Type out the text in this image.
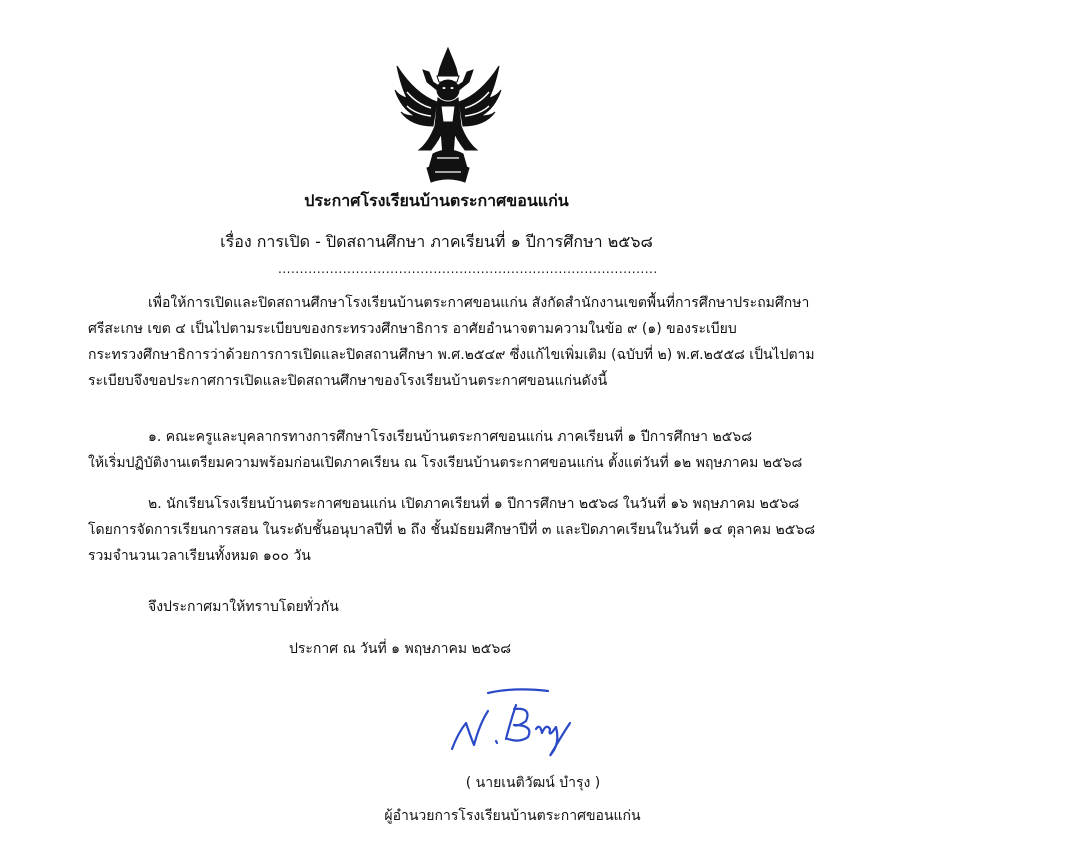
ประกาศโรงเรียนบ้านตระกาศขอนแก่น
เรื่อง การเปิด - ปิดสถานศึกษา ภาคเรียนที่ ๑ ปีการศึกษา ๒๕๖๘
........................................................................................
เพื่อให้การเปิดและปิดสถานศึกษาโรงเรียนบ้านตระกาศขอนแก่น สังกัดสำนักงานเขตพื้นที่การศึกษาประถมศึกษา
ศรีสะเกษ เขต ๔ เป็นไปตามระเบียบของกระทรวงศึกษาธิการ อาศัยอำนาจตามความในข้อ ๙ (๑) ของระเบียบ
กระทรวงศึกษาธิการว่าด้วยการการเปิดและปิดสถานศึกษา พ.ศ.๒๕๔๙ ซึ่งแก้ไขเพิ่มเติม (ฉบับที่ ๒) พ.ศ.๒๕๕๘ เป็นไปตาม
ระเบียบจึงขอประกาศการเปิดและปิดสถานศึกษาของโรงเรียนบ้านตระกาศขอนแก่นดังนี้
๑. คณะครูและบุคลากรทางการศึกษาโรงเรียนบ้านตระกาศขอนแก่น ภาคเรียนที่ ๑ ปีการศึกษา ๒๕๖๘
ให้เริ่มปฏิบัติงานเตรียมความพร้อมก่อนเปิดภาคเรียน ณ โรงเรียนบ้านตระกาศขอนแก่น ตั้งแต่วันที่ ๑๒ พฤษภาคม ๒๕๖๘
๒. นักเรียนโรงเรียนบ้านตระกาศขอนแก่น เปิดภาคเรียนที่ ๑ ปีการศึกษา ๒๕๖๘ ในวันที่ ๑๖ พฤษภาคม ๒๕๖๘
โดยการจัดการเรียนการสอน ในระดับชั้นอนุบาลปีที่ ๒ ถึง ชั้นมัธยมศึกษาปีที่ ๓ และปิดภาคเรียนในวันที่ ๑๔ ตุลาคม ๒๕๖๘
รวมจำนวนเวลาเรียนทั้งหมด ๑๐๐ วัน
จึงประกาศมาให้ทราบโดยทั่วกัน
ประกาศ ณ วันที่ ๑ พฤษภาคม ๒๕๖๘
( นายเนติวัฒน์ บำรุง )
ผู้อำนวยการโรงเรียนบ้านตระกาศขอนแก่น
